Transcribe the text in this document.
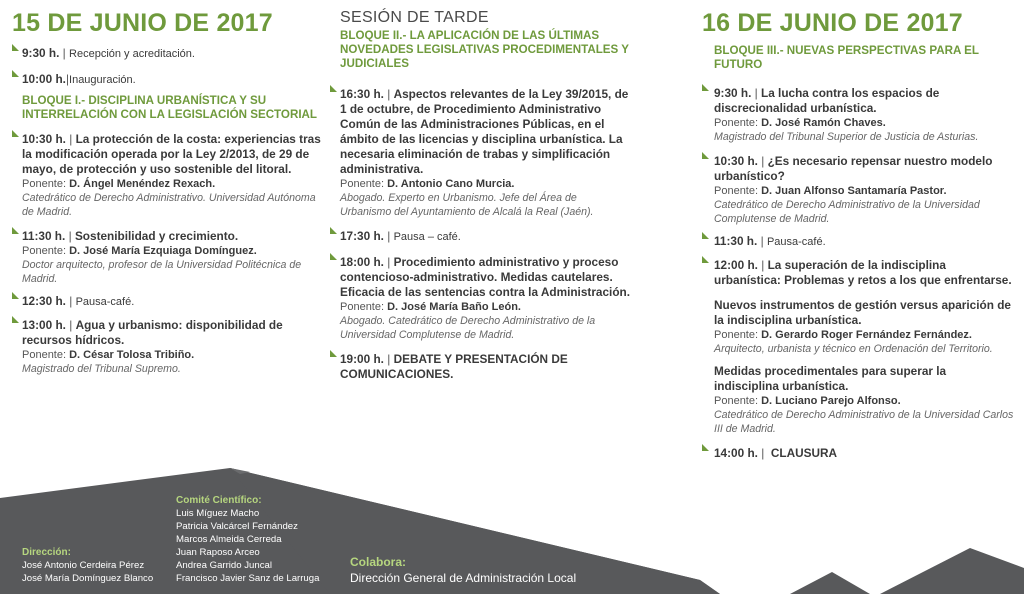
15 DE JUNIO DE 2017
9:30 h. | Recepción y acreditación.
10:00 h.|Inauguración.
BLOQUE I.- DISCIPLINA URBANÍSTICA Y SU INTERRELACIÓN CON LA LEGISLACIÓN SECTORIAL
10:30 h. | La protección de la costa: experiencias tras la modificación operada por la Ley 2/2013, de 29 de mayo, de protección y uso sostenible del litoral.
Ponente: D. Ángel Menéndez Rexach.
Catedrático de Derecho Administrativo. Universidad Autónoma de Madrid.
11:30 h. | Sostenibilidad y crecimiento.
Ponente: D. José María Ezquiaga Domínguez.
Doctor arquitecto, profesor de la Universidad Politécnica de Madrid.
12:30 h. | Pausa-café.
13:00 h. | Agua y urbanismo: disponibilidad de recursos hídricos.
Ponente: D. César Tolosa Tribiño.
Magistrado del Tribunal Supremo.
SESIÓN DE TARDE
BLOQUE II.- LA APLICACIÓN DE LAS ÚLTIMAS NOVEDADES LEGISLATIVAS PROCEDIMENTALES Y JUDICIALES
16:30 h. | Aspectos relevantes de la Ley 39/2015, de 1 de octubre, de Procedimiento Administrativo Común de las Administraciones Públicas, en el ámbito de las licencias y disciplina urbanística. La necesaria eliminación de trabas y simplificación administrativa.
Ponente: D. Antonio Cano Murcia.
Abogado. Experto en Urbanismo. Jefe del Área de Urbanismo del Ayuntamiento de Alcalá la Real (Jaén).
17:30 h. | Pausa – café.
18:00 h. | Procedimiento administrativo y proceso contencioso-administrativo. Medidas cautelares. Eficacia de las sentencias contra la Administración.
Ponente: D. José María Baño León.
Abogado. Catedrático de Derecho Administrativo de la Universidad Complutense de Madrid.
19:00 h. | DEBATE Y PRESENTACIÓN DE COMUNICACIONES.
16 DE JUNIO DE 2017
BLOQUE III.- NUEVAS PERSPECTIVAS PARA EL FUTURO
9:30 h. | La lucha contra los espacios de discrecionalidad urbanística.
Ponente: D. José Ramón Chaves.
Magistrado del Tribunal Superior de Justicia de Asturias.
10:30 h. | ¿Es necesario repensar nuestro modelo urbanístico?
Ponente: D. Juan Alfonso Santamaría Pastor.
Catedrático de Derecho Administrativo de la Universidad Complutense de Madrid.
11:30 h. | Pausa-café.
12:00 h. | La superación de la indisciplina urbanística: Problemas y retos a los que enfrentarse.
Nuevos instrumentos de gestión versus aparición de la indisciplina urbanística.
Ponente: D. Gerardo Roger Fernández Fernández.
Arquitecto, urbanista y técnico en Ordenación del Territorio.
Medidas procedimentales para superar la indisciplina urbanística.
Ponente: D. Luciano Parejo Alfonso.
Catedrático de Derecho Administrativo de la Universidad Carlos III de Madrid.
14:00 h. | CLAUSURA
Dirección:
José Antonio Cerdeira Pérez
José María Domínguez Blanco
Comité Científico:
Luis Míguez Macho
Patricia Valcárcel Fernández
Marcos Almeida Cerreda
Juan Raposo Arceo
Andrea Garrido Juncal
Francisco Javier Sanz de Larruga
Colabora:
Dirección General de Administración Local
